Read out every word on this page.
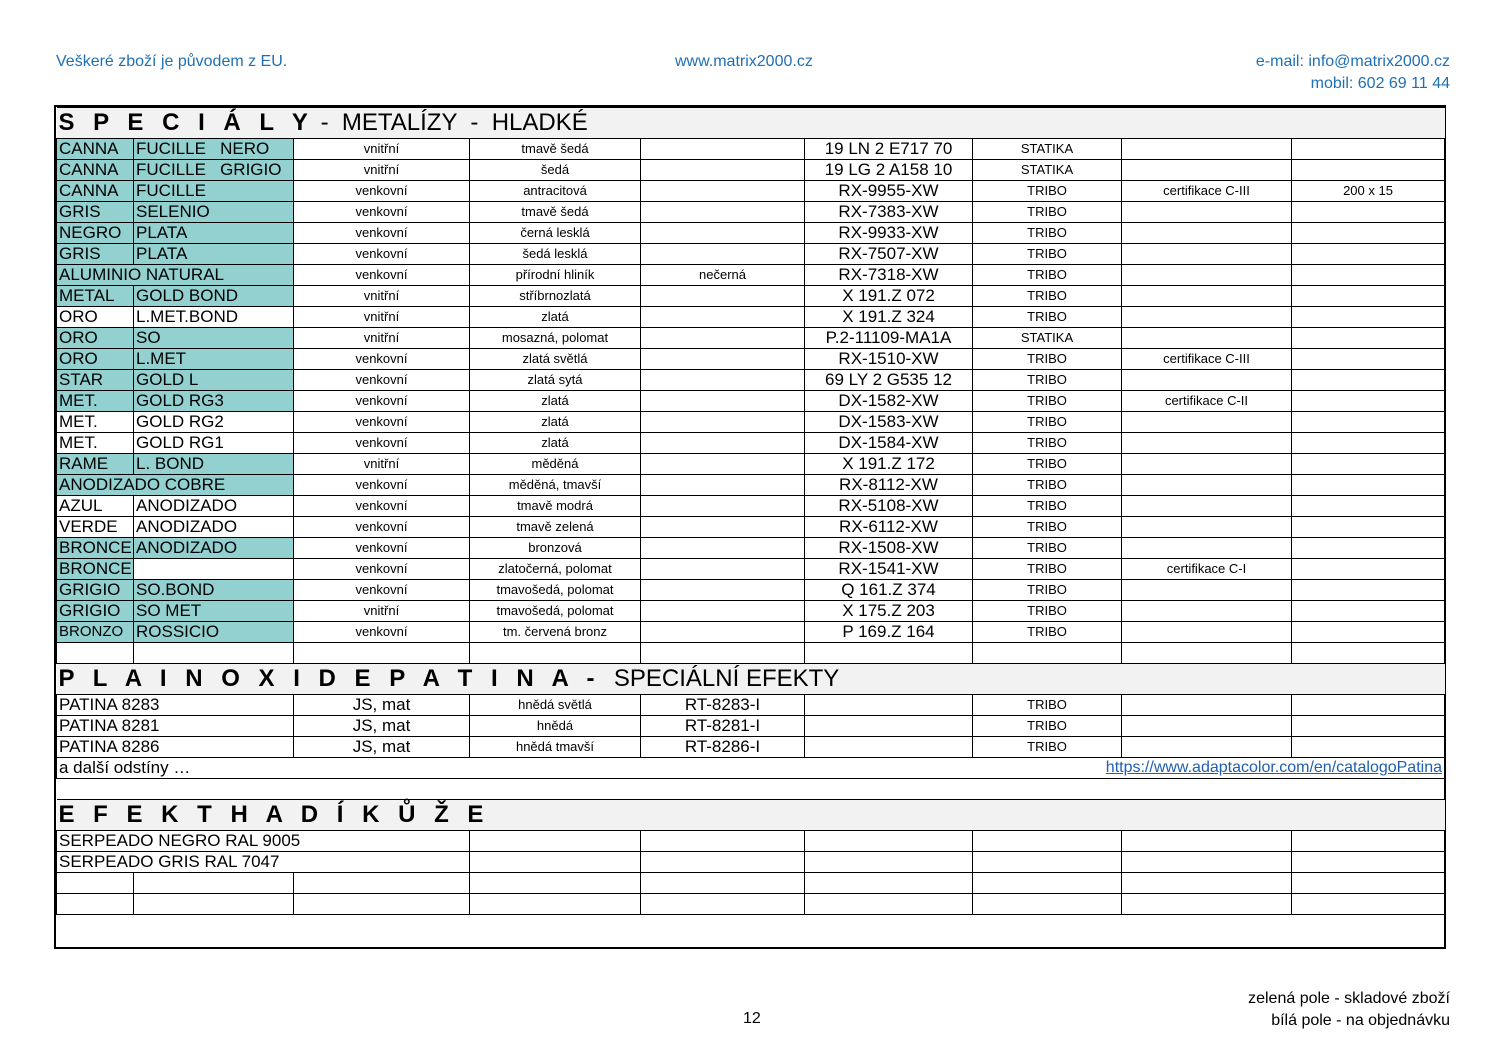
Veškeré zboží je původem z EU.	www.matrix2000.cz	e-mail: info@matrix2000.cz
mobil: 602 69 11 44
S P E C I Á L Y -  METALÍZY  -  HLADKÉ								
CANNA	FUCILLE   NERO	vnitřní	tmavě šedá		19 LN 2 E717 70	STATIKA		
CANNA	FUCILLE   GRIGIO	vnitřní	šedá		19 LG 2 A158 10	STATIKA		
CANNA	FUCILLE	venkovní	antracitová		RX-9955-XW	TRIBO	certifikace C-III	200 x 15
GRIS	SELENIO	venkovní	tmavě šedá		RX-7383-XW	TRIBO		
NEGRO	PLATA	venkovní	černá lesklá		RX-9933-XW	TRIBO		
GRIS	PLATA	venkovní	šedá lesklá		RX-7507-XW	TRIBO		
ALUMINIO NATURAL		venkovní	přírodní hliník	nečerná	RX-7318-XW	TRIBO		
METAL	GOLD BOND	vnitřní	stříbrnozlatá		X 191.Z 072	TRIBO		
ORO	L.MET.BOND	vnitřní	zlatá		X 191.Z 324	TRIBO		
ORO	SO	vnitřní	mosazná, polomat		P.2-11109-MA1A	STATIKA		
ORO	L.MET	venkovní	zlatá světlá		RX-1510-XW	TRIBO	certifikace C-III	
STAR	GOLD L	venkovní	zlatá sytá		69 LY 2 G535 12	TRIBO		
MET.	GOLD RG3	venkovní	zlatá		DX-1582-XW	TRIBO	certifikace C-II	
MET.	GOLD RG2	venkovní	zlatá		DX-1583-XW	TRIBO		
MET.	GOLD RG1	venkovní	zlatá		DX-1584-XW	TRIBO		
RAME	L. BOND	vnitřní	měděná		X 191.Z 172	TRIBO		
ANODIZADO COBRE		venkovní	měděná, tmavší		RX-8112-XW	TRIBO		
AZUL	ANODIZADO	venkovní	tmavě modrá		RX-5108-XW	TRIBO		
VERDE	ANODIZADO	venkovní	tmavě zelená		RX-6112-XW	TRIBO		
BRONCE	ANODIZADO	venkovní	bronzová		RX-1508-XW	TRIBO		
BRONCE		venkovní	zlatočerná, polomat		RX-1541-XW	TRIBO	certifikace C-I	
GRIGIO	SO.BOND	venkovní	tmavošedá, polomat		Q 161.Z 374	TRIBO		
GRIGIO	SO MET	vnitřní	tmavošedá, polomat		X 175.Z 203	TRIBO		
BRONZO	ROSSICIO	venkovní	tm. červená bronz		P 169.Z 164	TRIBO		

P L A I N O X I D E P A T I N A -  SPECIÁLNÍ EFEKTY								
PATINA 8283		JS, mat	hnědá světlá	RT-8283-I		TRIBO		
PATINA 8281		JS, mat	hnědá	RT-8281-I		TRIBO		
PATINA 8286		JS, mat	hnědá tmavší	RT-8286-I		TRIBO		
a další odstíny …				https://www.adaptacolor.com/en/catalogoPatina				

E F E K T H A D Í K Ů Ž E								
SERPEADO NEGRO RAL 9005								
SERPEADO GRIS RAL 7047								

zelená pole - skladové zboží
bílá pole - na objednávku
12
